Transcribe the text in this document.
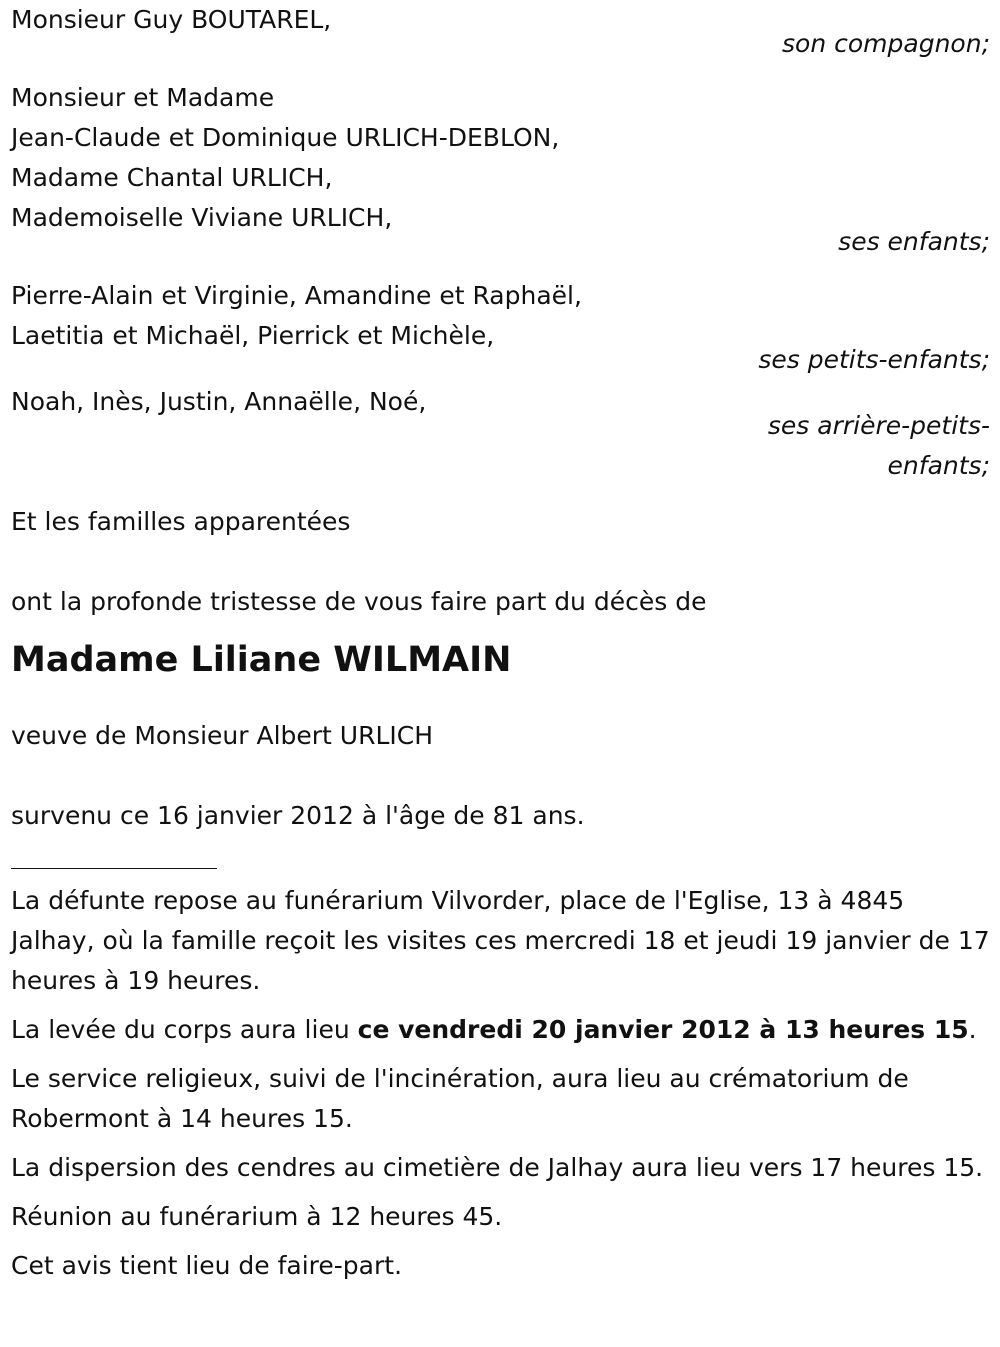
Monsieur Guy BOUTAREL,
son compagnon;
Monsieur et Madame
Jean-Claude et Dominique URLICH-DEBLON,
Madame Chantal URLICH,
Mademoiselle Viviane URLICH,
ses enfants;
Pierre-Alain et Virginie, Amandine et Raphaël,
Laetitia et Michaël, Pierrick et Michèle,
ses petits-enfants;
Noah, Inès, Justin, Annaëlle, Noé,
ses arrière-petits-
enfants;
Et les familles apparentées
ont la profonde tristesse de vous faire part du décès de
Madame Liliane WILMAIN
veuve de Monsieur Albert URLICH
survenu ce 16 janvier 2012 à l'âge de 81 ans.
La défunte repose au funérarium Vilvorder, place de l'Eglise, 13 à 4845 Jalhay, où la famille reçoit les visites ces mercredi 18 et jeudi 19 janvier de 17 heures à 19 heures.
La levée du corps aura lieu ce vendredi 20 janvier 2012 à 13 heures 15.
Le service religieux, suivi de l'incinération, aura lieu au crématorium de Robermont à 14 heures 15.
La dispersion des cendres au cimetière de Jalhay aura lieu vers 17 heures 15.
Réunion au funérarium à 12 heures 45.
Cet avis tient lieu de faire-part.
